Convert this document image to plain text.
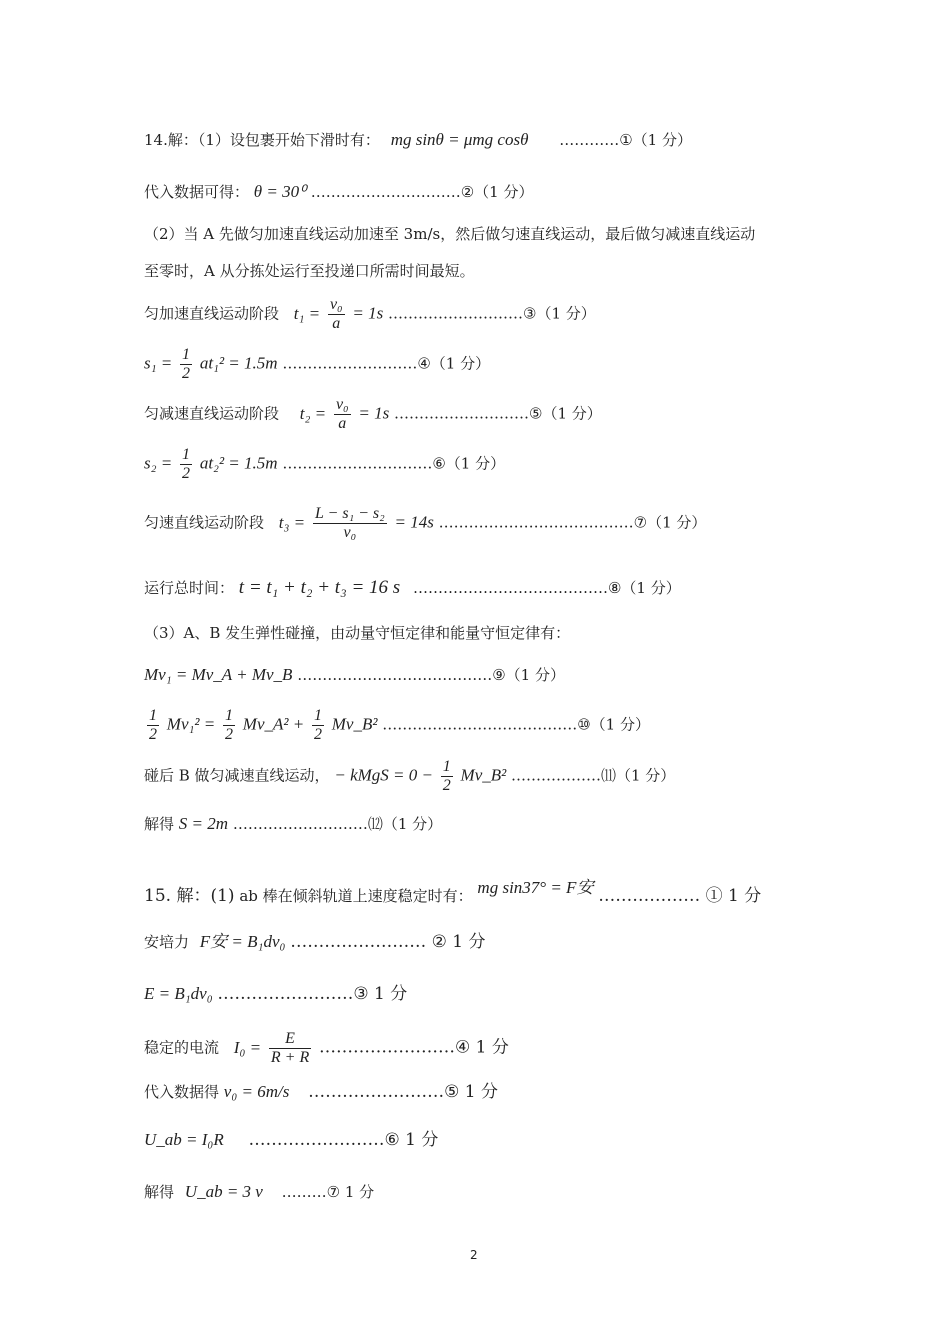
14.解：（1）设包裹开始下滑时有： mg sinθ = μmg cosθ …………①（1 分）
代入数据可得： θ = 30⁰ …………………………②（1 分）
（2）当 A 先做匀加速直线运动加速至 3m/s，然后做匀速直线运动，最后做匀减速直线运动
至零时，A 从分拣处运行至投递口所需时间最短。
匀加速直线运动阶段 $t_1 = \frac{\text{v₀}}{a} = 1s$ ………………………③（1 分）
$s_1 = \frac{1}{2} at_1^2 = 1.5m$ ………………………④（1 分）
匀减速直线运动阶段 $t_2 = \frac{\text{v₀}}{a} = 1s$ ………………………⑤（1 分）
$s_2 = \frac{1}{2} at_2^2 = 1.5m$ …………………………⑥（1 分）
匀速直线运动阶段 $t_3 = \frac{\text{L − s₁ − s₂}}{\text{v₀}} = 14s$ …………………………………⑦（1 分）
运行总时间： t = t₁ + t₂ + t₃ = 16 s …………………………………⑧（1 分）
（3）A、B 发生弹性碰撞，由动量守恒定律和能量守恒定律有：
Mv₁ = Mv_A + Mv_B …………………………………⑨（1 分）
$\frac{1}{2} Mv_1^2 = \frac{1}{2}$ Mv_A² + $\frac{1}{2}$ Mv_B² …………………………………⑩（1 分）
碰后 B 做匀减速直线运动， − kMgS = $0 - \frac{1}{2}$ Mv_B² ………………⑾（1 分）
解得 S = 2m ………………………⑿（1 分）
15. 解：(1) ab 棒在倾斜轨道上速度稳定时有： mg sin37° = F安 ……………… ① 1 分
安培力 F安 = B₁dv₀ …………………… ② 1 分
E = B₁dv₀ ……………………③ 1 分
稳定的电流 $I_0 = \frac{E}{R + R}$ ……………………④ 1 分
代入数据得 v₀ = 6m/s ……………………⑤ 1 分
U_ab = I₀R ……………………⑥ 1 分
解得 U_ab = 3 v ………⑦ 1 分
2
